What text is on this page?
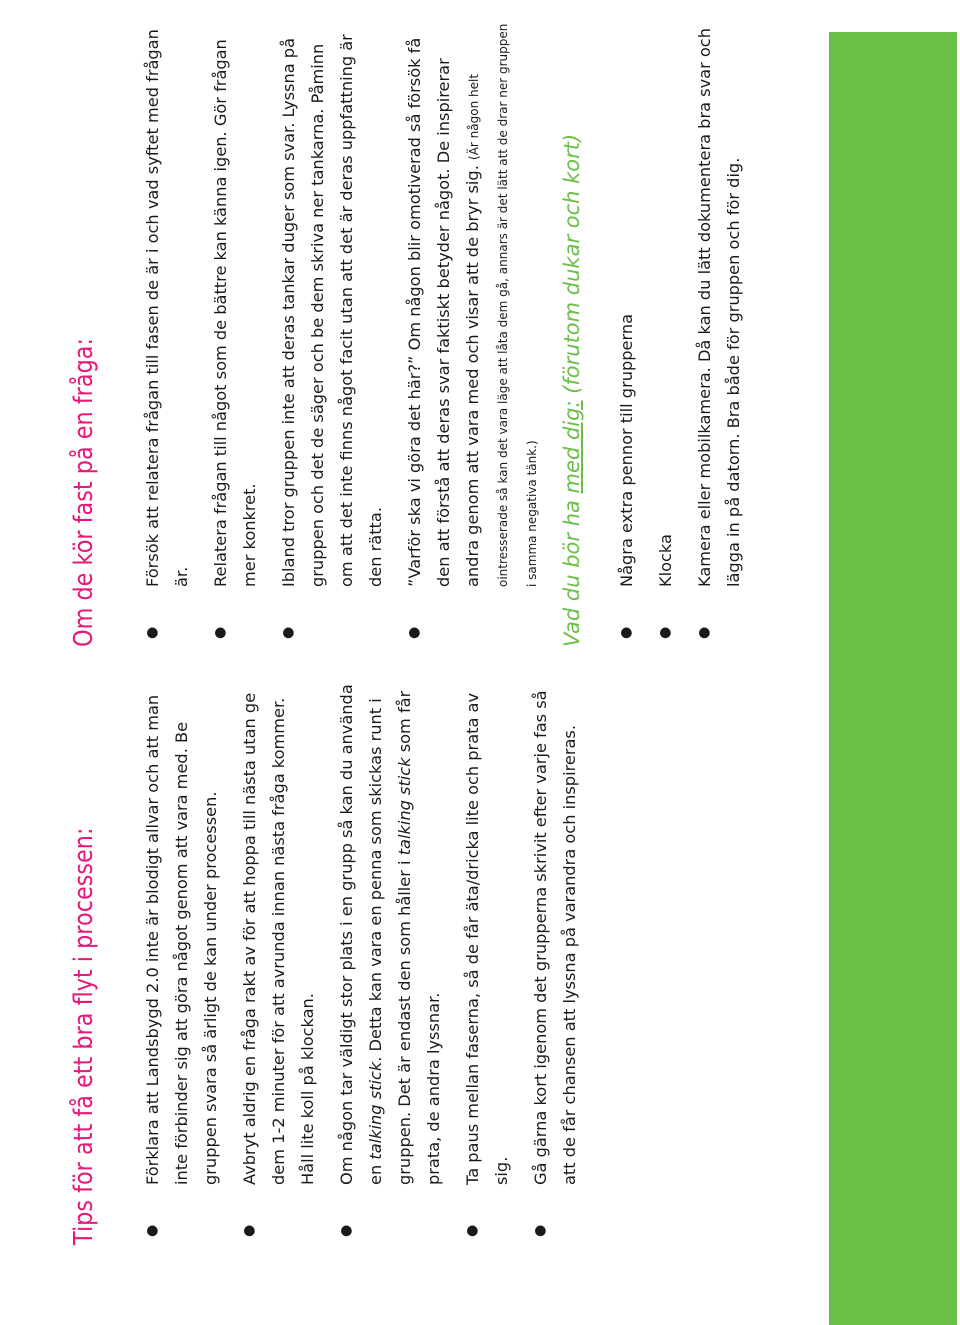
Tips för att få ett bra flyt i processen:	●
Förklara att Landsbygd 2.0 inte är blodigt allvar och att man inte förbinder sig att göra något genom att vara med. Be gruppen svara så ärligt de kan under processen.
●
Avbryt aldrig en fråga rakt av för att hoppa till nästa utan ge dem 1-2 minuter för att avrunda innan nästa fråga kommer. Håll lite koll på klockan.
●
Om någon tar väldigt stor plats i en grupp så kan du använda en talking stick. Detta kan vara en penna som skickas runt i gruppen. Det är endast den som håller i talking stick som får prata, de andra lyssnar.
●
Ta paus mellan faserna, så de får äta/dricka lite och prata av sig.
●
Gå gärna kort igenom det grupperna skrivit efter varje fas så att de får chansen att lyssna på varandra och inspireras.
Om de kör fast på en fråga:	●
Försök att relatera frågan till fasen de är i och vad syftet med frågan är.
●
Relatera frågan till något som de bättre kan känna igen. Gör frågan mer konkret.
●
Ibland tror gruppen inte att deras tankar duger som svar. Lyssna på gruppen och det de säger och be dem skriva ner tankarna. Påminn om att det inte finns något facit utan att det är deras uppfattning är den rätta.
●
”Varför ska vi göra det här?” Om någon blir omotiverad så försök få den att förstå att deras svar faktiskt betyder något. De inspirerar andra genom att vara med och visar att de bryr sig. (Är någon helt ointresserade så kan det vara läge att låta dem gå, annars är det lätt att de drar ner gruppen i samma negativa tänk.) Vad du bör ha med dig: (förutom dukar och kort)
●
Några extra pennor till grupperna
●
Klocka
●
Kamera eller mobilkamera. Då kan du lätt dokumentera bra svar och lägga in på datorn. Bra både för gruppen och för dig.
